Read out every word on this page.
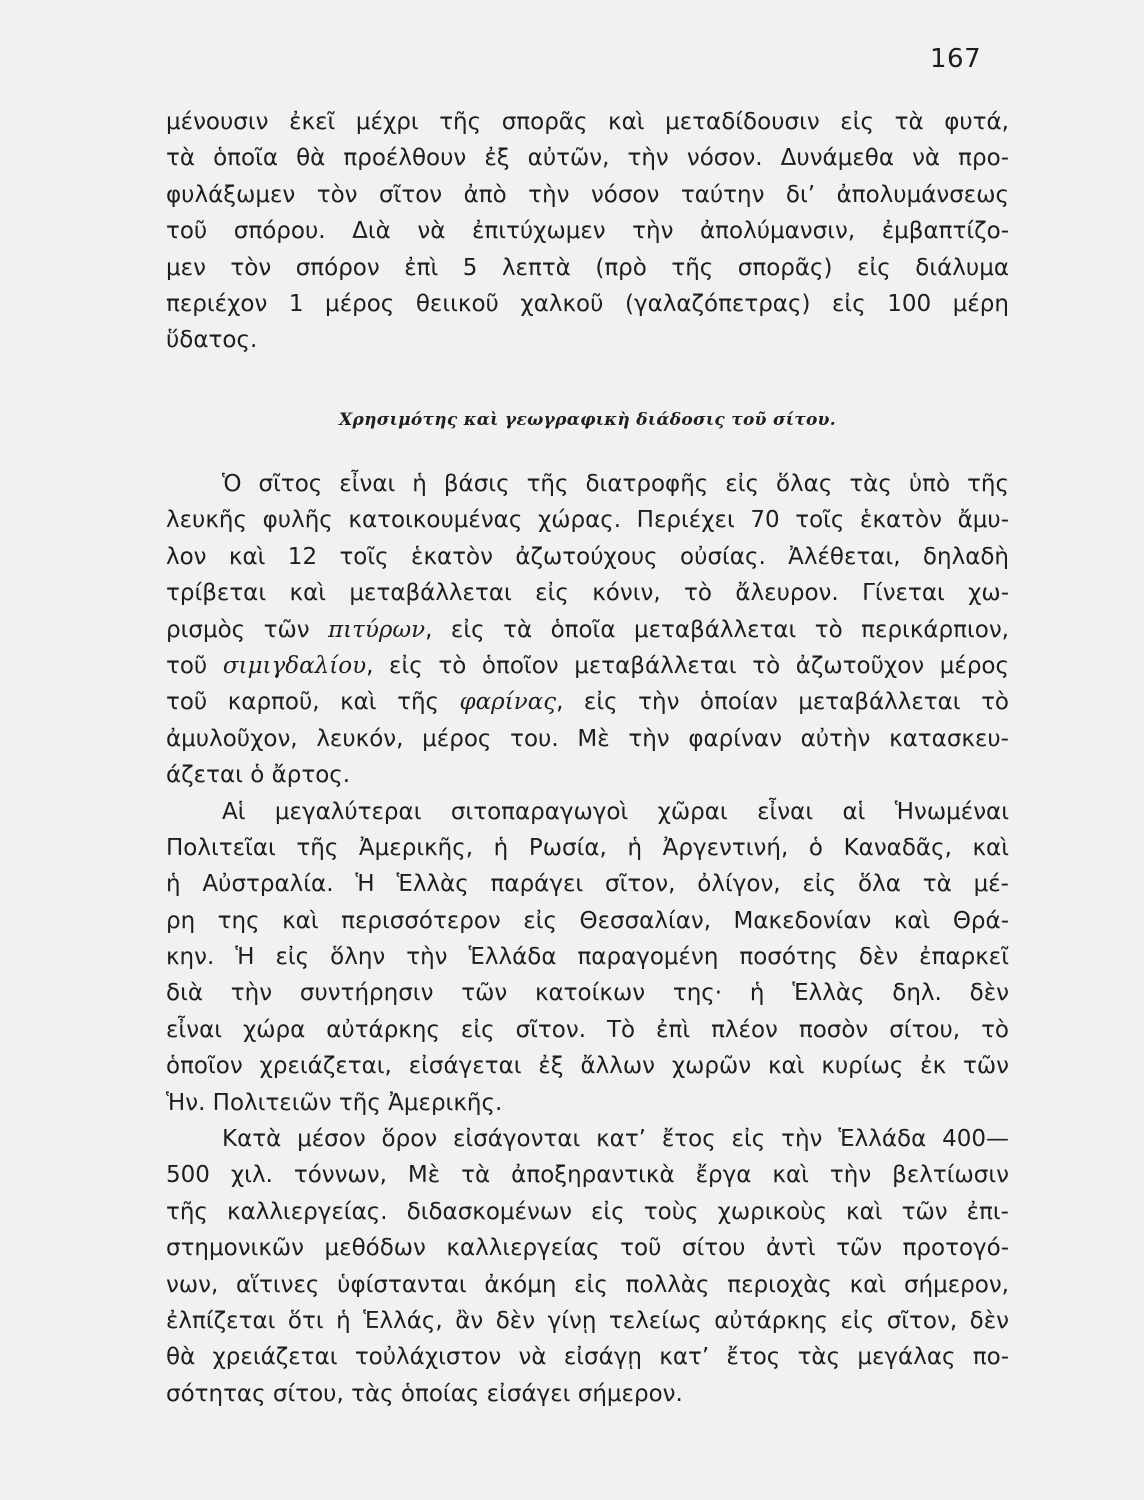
167
μένουσιν ἐκεῖ μέχρι τῆς σπορᾶς καὶ μεταδίδουσιν εἰς τὰ φυτά,
τὰ ὁποῖα θὰ προέλθουν ἐξ αὐτῶν, τὴν νόσον. Δυνάμεθα νὰ προ-
φυλάξωμεν τὸν σῖτον ἀπὸ τὴν νόσον ταύτην δι’ ἀπολυμάνσεως
τοῦ σπόρου. Διὰ νὰ ἐπιτύχωμεν τὴν ἀπολύμανσιν, ἐμβαπτίζο-
μεν τὸν σπόρον ἐπὶ 5 λεπτὰ (πρὸ τῆς σπορᾶς) εἰς διάλυμα
περιέχον 1 μέρος θειικοῦ χαλκοῦ (γαλαζόπετρας) εἰς 100 μέρη
ὕδατος.
Χρησιμότης καὶ γεωγραφικὴ διάδοσις τοῦ σίτου.
Ὁ σῖτος εἶναι ἡ βάσις τῆς διατροφῆς εἰς ὅλας τὰς ὑπὸ τῆς
λευκῆς φυλῆς κατοικουμένας χώρας. Περιέχει 70 τοῖς ἑκατὸν ἄμυ-
λον καὶ 12 τοῖς ἑκατὸν ἀζωτούχους οὐσίας. Ἀλέθεται, δηλαδὴ
τρίβεται καὶ μεταβάλλεται εἰς κόνιν, τὸ ἄλευρον. Γίνεται χω-
ρισμὸς τῶν πιτύρων, εἰς τὰ ὁποῖα μεταβάλλεται τὸ περικάρπιον,
τοῦ σιμιγδαλίου, εἰς τὸ ὁποῖον μεταβάλλεται τὸ ἀζωτοῦχον μέρος
τοῦ καρποῦ, καὶ τῆς φαρίνας, εἰς τὴν ὁποίαν μεταβάλλεται τὸ
ἀμυλοῦχον, λευκόν, μέρος του. Μὲ τὴν φαρίναν αὐτὴν κατασκευ-
άζεται ὁ ἄρτος.
Αἱ μεγαλύτεραι σιτοπαραγωγοὶ χῶραι εἶναι αἱ Ἡνωμέναι
Πολιτεῖαι τῆς Ἀμερικῆς, ἡ Ρωσία, ἡ Ἀργεντινή, ὁ Καναδᾶς, καὶ
ἡ Αὐστραλία. Ἡ Ἑλλὰς παράγει σῖτον, ὀλίγον, εἰς ὅλα τὰ μέ-
ρη της καὶ περισσότερον εἰς Θεσσαλίαν, Μακεδονίαν καὶ Θρά-
κην. Ἡ εἰς ὅλην τὴν Ἑλλάδα παραγομένη ποσότης δὲν ἐπαρκεῖ
διὰ τὴν συντήρησιν τῶν κατοίκων της· ἡ Ἑλλὰς δηλ. δὲν
εἶναι χώρα αὐτάρκης εἰς σῖτον. Τὸ ἐπὶ πλέον ποσὸν σίτου, τὸ
ὁποῖον χρειάζεται, εἰσάγεται ἐξ ἄλλων χωρῶν καὶ κυρίως ἐκ τῶν
Ἡν. Πολιτειῶν τῆς Ἀμερικῆς.
Κατὰ μέσον ὅρον εἰσάγονται κατ’ ἔτος εἰς τὴν Ἑλλάδα 400—
500 χιλ. τόννων, Μὲ τὰ ἀποξηραντικὰ ἔργα καὶ τὴν βελτίωσιν
τῆς καλλιεργείας. διδασκομένων εἰς τοὺς χωρικοὺς καὶ τῶν ἐπι-
στημονικῶν μεθόδων καλλιεργείας τοῦ σίτου ἀντὶ τῶν προτογό-
νων, αἵτινες ὑφίστανται ἀκόμη εἰς πολλὰς περιοχὰς καὶ σήμερον,
ἐλπίζεται ὅτι ἡ Ἑλλάς, ἂν δὲν γίνῃ τελείως αὐτάρκης εἰς σῖτον, δὲν
θὰ χρειάζεται τοὐλάχιστον νὰ εἰσάγῃ κατ’ ἔτος τὰς μεγάλας πο-
σότητας σίτου, τὰς ὁποίας εἰσάγει σήμερον.
